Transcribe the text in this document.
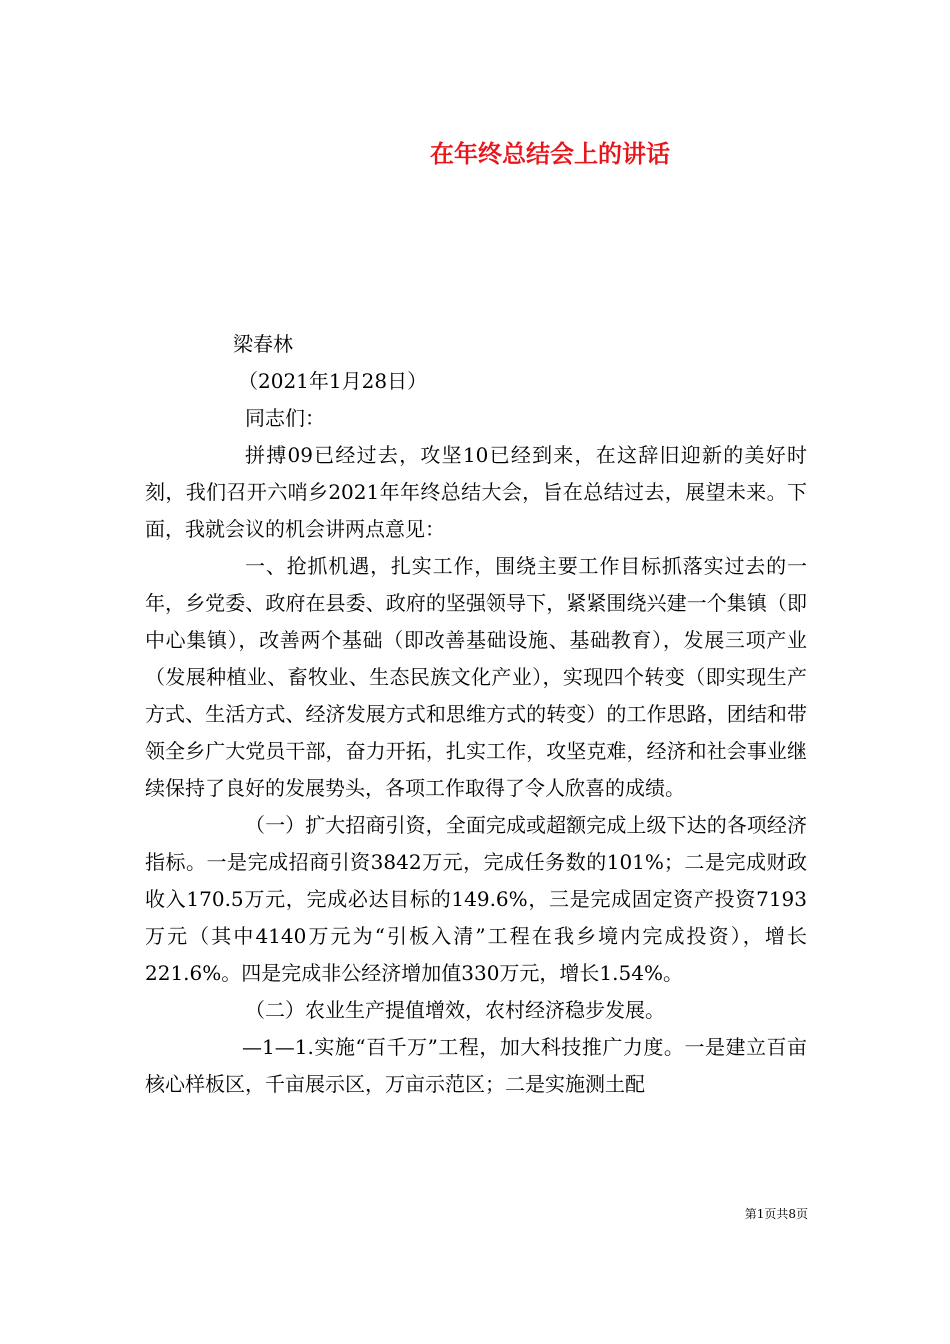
在年终总结会上的讲话

梁春林

（2021年1月28日）

同志们：

拼搏09已经过去，攻坚10已经到来，在这辞旧迎新的美好时刻，我们召开六哨乡2021年年终总结大会，旨在总结过去，展望未来。下面，我就会议的机会讲两点意见：

一、抢抓机遇，扎实工作，围绕主要工作目标抓落实过去的一年，乡党委、政府在县委、政府的坚强领导下，紧紧围绕兴建一个集镇（即中心集镇），改善两个基础（即改善基础设施、基础教育），发展三项产业（发展种植业、畜牧业、生态民族文化产业），实现四个转变（即实现生产方式、生活方式、经济发展方式和思维方式的转变）的工作思路，团结和带领全乡广大党员干部，奋力开拓，扎实工作，攻坚克难，经济和社会事业继续保持了良好的发展势头，各项工作取得了令人欣喜的成绩。

（一）扩大招商引资，全面完成或超额完成上级下达的各项经济指标。一是完成招商引资3842万元，完成任务数的101%；二是完成财政收入170.5万元，完成必达目标的149.6%，三是完成固定资产投资7193万元（其中4140万元为“引板入清”工程在我乡境内完成投资），增长221.6%。四是完成非公经济增加值330万元，增长1.54%。

（二）农业生产提值增效，农村经济稳步发展。

—1—1.实施“百千万”工程，加大科技推广力度。一是建立百亩核心样板区，千亩展示区，万亩示范区；二是实施测土配

第1页共8页
